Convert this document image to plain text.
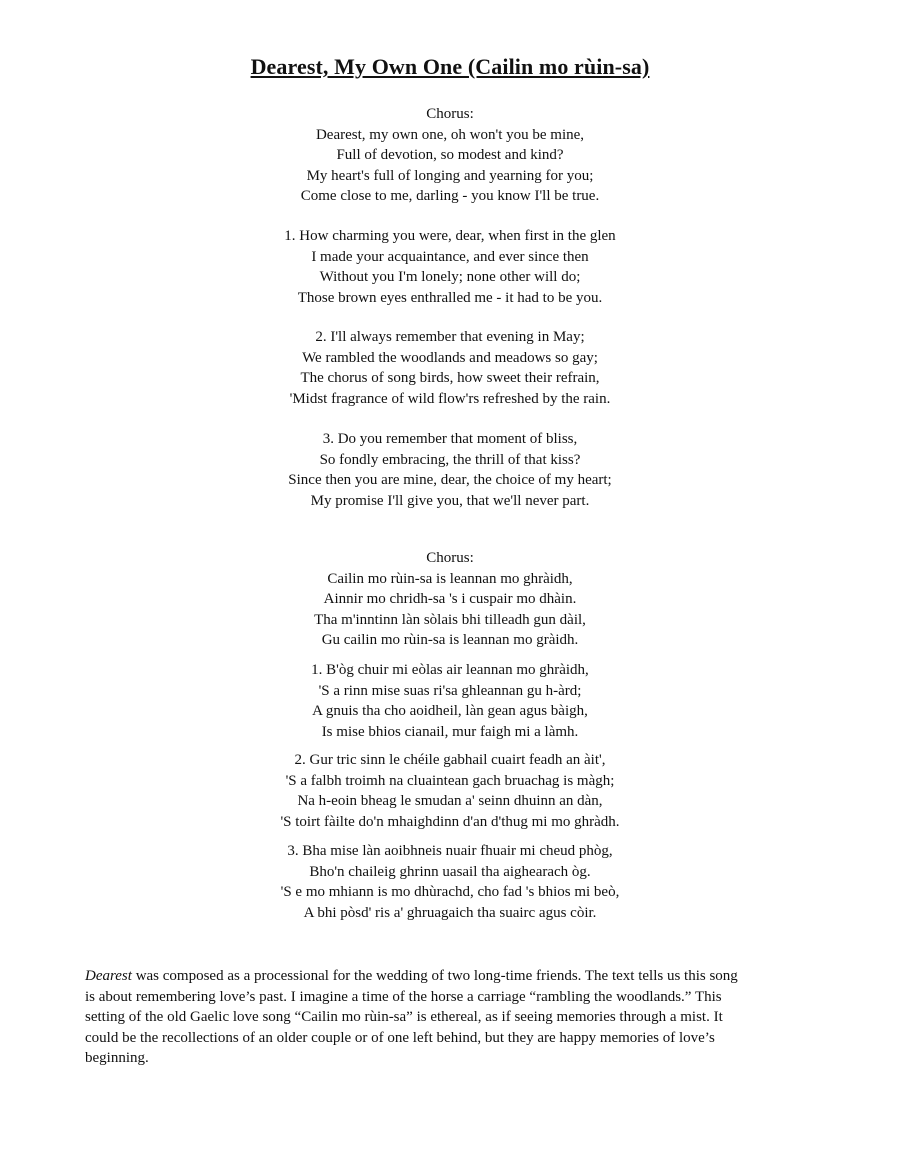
Dearest, My Own One (Cailin mo rùin-sa)
Chorus:
Dearest, my own one, oh won't you be mine,
Full of devotion, so modest and kind?
My heart's full of longing and yearning for you;
Come close to me, darling - you know I'll be true.
1. How charming you were, dear, when first in the glen
I made your acquaintance, and ever since then
Without you I'm lonely; none other will do;
Those brown eyes enthralled me - it had to be you.
2. I'll always remember that evening in May;
We rambled the woodlands and meadows so gay;
The chorus of song birds, how sweet their refrain,
'Midst fragrance of wild flow'rs refreshed by the rain.
3. Do you remember that moment of bliss,
So fondly embracing, the thrill of that kiss?
Since then you are mine, dear, the choice of my heart;
My promise I'll give you, that we'll never part.
Chorus:
Cailin mo rùin-sa is leannan mo ghràidh,
Ainnir mo chridh-sa 's i cuspair mo dhàin.
Tha m'inntinn làn sòlais bhi tilleadh gun dàil,
Gu cailin mo rùin-sa is leannan mo gràidh.
1. B'òg chuir mi eòlas air leannan mo ghràidh,
'S a rinn mise suas ri'sa ghleannan gu h-àrd;
A gnuis tha cho aoidheil, làn gean agus bàigh,
Is mise bhios cianail, mur faigh mi a làmh.
2. Gur tric sinn le chéile gabhail cuairt feadh an àit',
'S a falbh troimh na cluaintean gach bruachag is màgh;
Na h-eoin bheag le smudan a' seinn dhuinn an dàn,
'S toirt fàilte do'n mhaighdinn d'an d'thug mi mo ghràdh.
3. Bha mise làn aoibhneis nuair fhuair mi cheud phòg,
Bho'n chaileig ghrinn uasail tha aighearach òg.
'S e mo mhiann is mo dhùrachd, cho fad 's bhios mi beò,
A bhi pòsd' ris a' ghruagaich tha suairc agus còir.
Dearest was composed as a processional for the wedding of two long-time friends. The text tells us this song
is about remembering love’s past. I imagine a time of the horse a carriage “rambling the woodlands.” This
setting of the old Gaelic love song “Cailin mo rùin-sa” is ethereal, as if seeing memories through a mist. It
could be the recollections of an older couple or of one left behind, but they are happy memories of love’s
beginning.
